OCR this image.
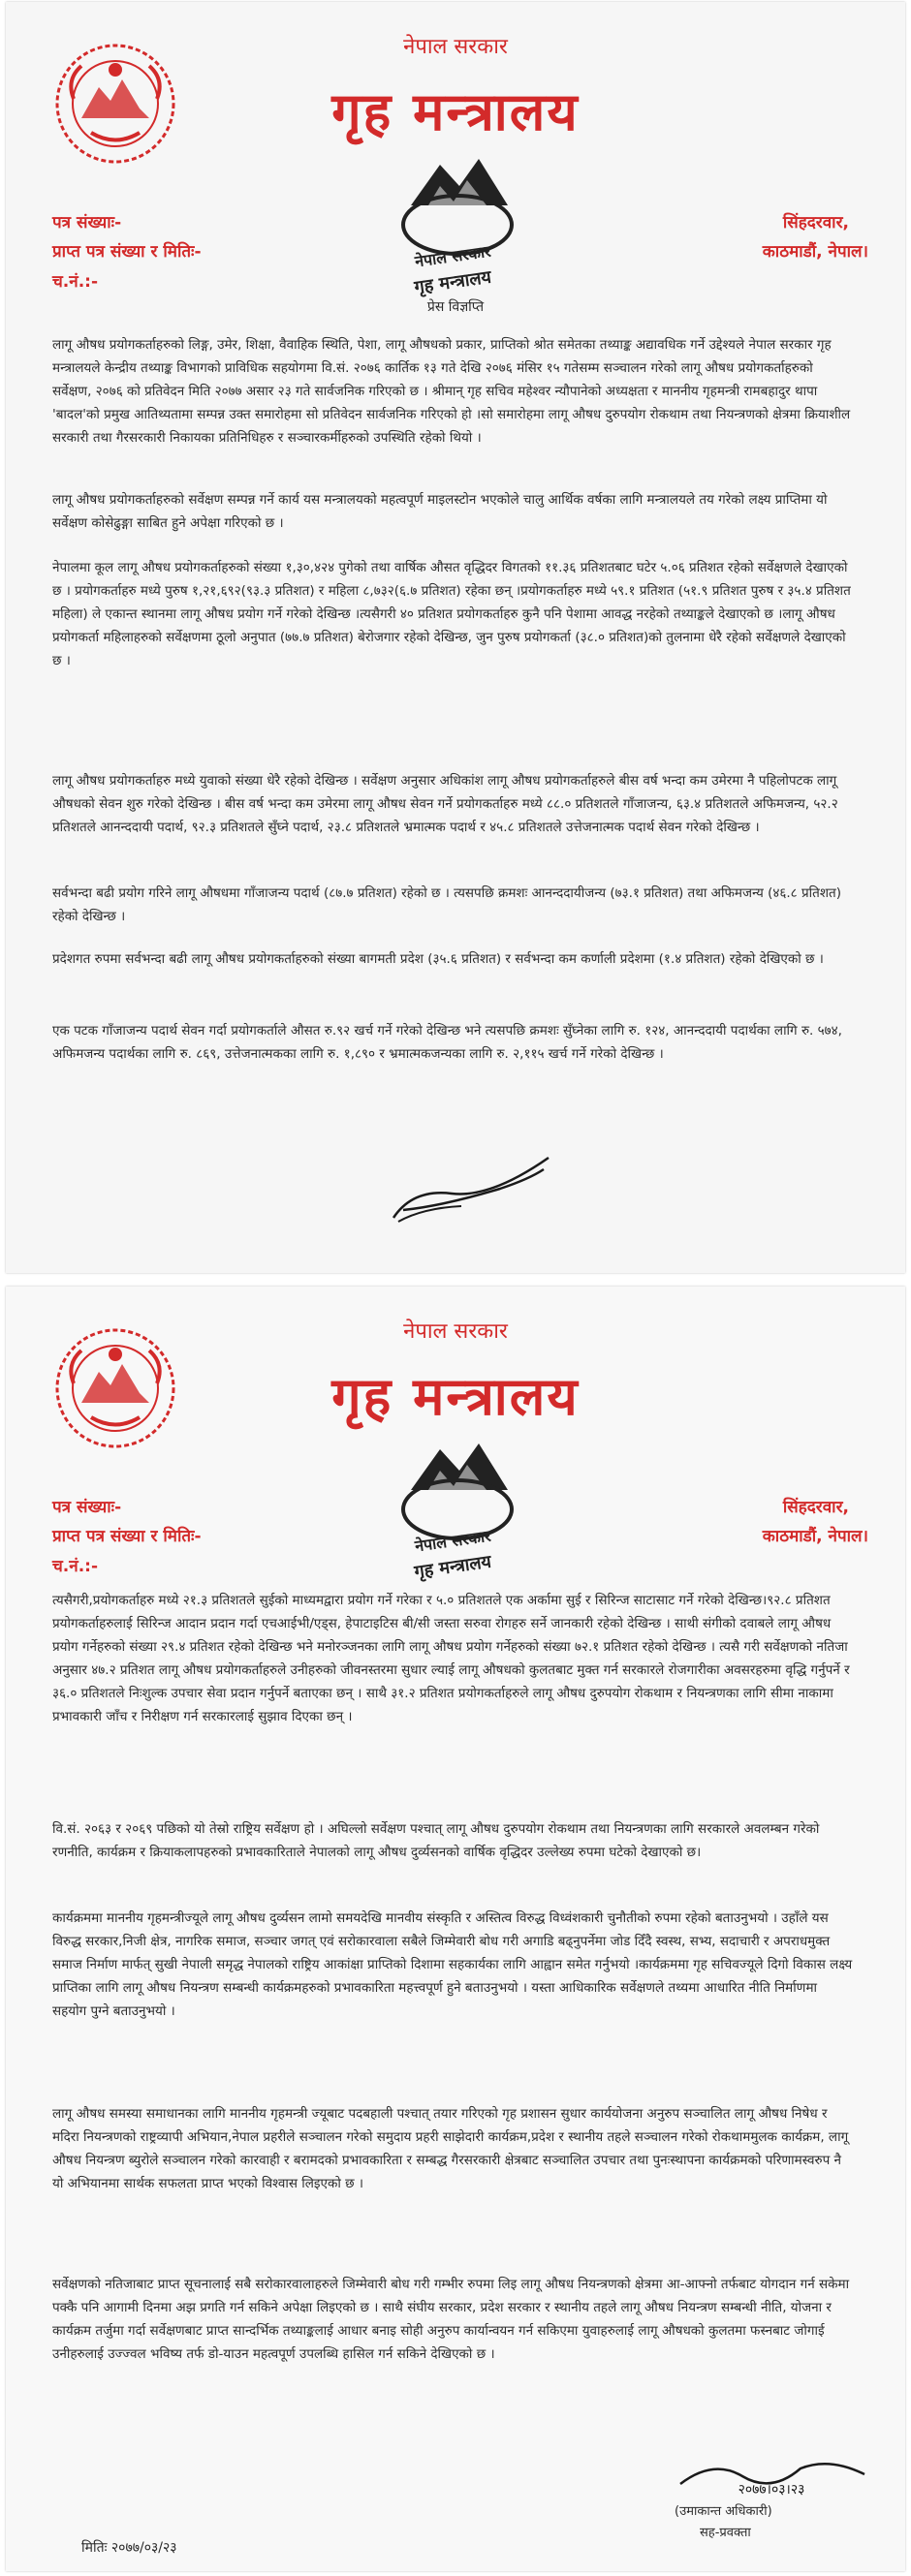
नेपाल सरकार
गृह मन्त्रालय
नेपाल सरकार
गृह मन्त्रालय
पत्र संख्याः-
प्राप्त पत्र संख्या र मितिः-
च.नं.:-
सिंहदरवार,
काठमाडौं, नेपाल।
प्रेस विज्ञप्ति

लागू औषध प्रयोगकर्ताहरुको लिङ्ग, उमेर, शिक्षा, वैवाहिक स्थिति, पेशा, लागू औषधको प्रकार, प्राप्तिको श्रोत समेतका तथ्याङ्क अद्यावधिक गर्ने उद्देश्यले नेपाल सरकार गृह मन्त्रालयले केन्द्रीय तथ्याङ्क विभागको प्राविधिक सहयोगमा वि.सं. २०७६ कार्तिक १३ गते देखि २०७६ मंसिर १५ गतेसम्म सञ्चालन गरेको लागू औषध प्रयोगकर्ताहरुको सर्वेक्षण, २०७६ को प्रतिवेदन मिति २०७७ असार २३ गते सार्वजनिक गरिएको छ । श्रीमान् गृह सचिव महेश्वर न्यौपानेको अध्यक्षता र माननीय गृहमन्त्री रामबहादुर थापा 'बादल'को प्रमुख आतिथ्यतामा सम्पन्न उक्त समारोहमा सो प्रतिवेदन सार्वजनिक गरिएको हो ।सो समारोहमा लागू औषध दुरुपयोग रोकथाम तथा नियन्त्रणको क्षेत्रमा क्रियाशील सरकारी तथा गैरसरकारी निकायका प्रतिनिधिहरु र सञ्चारकर्मीहरुको उपस्थिति रहेको थियो ।

लागू औषध प्रयोगकर्ताहरुको सर्वेक्षण सम्पन्न गर्ने कार्य यस मन्त्रालयको महत्वपूर्ण माइलस्टोन भएकोले चालु आर्थिक वर्षका लागि मन्त्रालयले तय गरेको लक्ष्य प्राप्तिमा यो सर्वेक्षण कोसेढुङ्गा साबित हुने अपेक्षा गरिएको छ ।

नेपालमा कूल लागू औषध प्रयोगकर्ताहरुको संख्या १,३०,४२४ पुगेको तथा वार्षिक औसत वृद्धिदर विगतको ११.३६ प्रतिशतबाट घटेर ५.०६ प्रतिशत रहेको सर्वेक्षणले देखाएको छ । प्रयोगकर्ताहरु मध्ये पुरुष १,२१,६९२(९३.३ प्रतिशत) र महिला ८,७३२(६.७ प्रतिशत) रहेका छन् ।प्रयोगकर्ताहरु मध्ये ५९.१ प्रतिशत (५१.९ प्रतिशत पुरुष र ३५.४ प्रतिशत महिला) ले एकान्त स्थानमा लागू औषध प्रयोग गर्ने गरेको देखिन्छ ।त्यसैगरी ४० प्रतिशत प्रयोगकर्ताहरु कुनै पनि पेशामा आवद्ध नरहेको तथ्याङ्कले देखाएको छ ।लागू औषध प्रयोगकर्ता महिलाहरुको सर्वेक्षणमा ठूलो अनुपात (७७.७ प्रतिशत) बेरोजगार रहेको देखिन्छ, जुन पुरुष प्रयोगकर्ता (३८.० प्रतिशत)को तुलनामा धेरै रहेको सर्वेक्षणले देखाएको छ ।

लागू औषध प्रयोगकर्ताहरु मध्ये युवाको संख्या धेरै रहेको देखिन्छ । सर्वेक्षण अनुसार अधिकांश लागू औषध प्रयोगकर्ताहरुले बीस वर्ष भन्दा कम उमेरमा नै पहिलोपटक लागू औषधको सेवन शुरु गरेको देखिन्छ । बीस वर्ष भन्दा कम उमेरमा लागू औषध सेवन गर्ने प्रयोगकर्ताहरु मध्ये ८८.० प्रतिशतले गाँजाजन्य, ६३.४ प्रतिशतले अफिमजन्य, ५२.२ प्रतिशतले आनन्ददायी पदार्थ, ९२.३ प्रतिशतले सुँघ्ने पदार्थ, २३.८ प्रतिशतले भ्रमात्मक पदार्थ र ४५.८ प्रतिशतले उत्तेजनात्मक पदार्थ सेवन गरेको देखिन्छ ।

सर्वभन्दा बढी प्रयोग गरिने लागू औषधमा गाँजाजन्य पदार्थ (८७.७ प्रतिशत) रहेको छ । त्यसपछि क्रमशः आनन्ददायीजन्य (७३.१ प्रतिशत) तथा अफिमजन्य (४६.८ प्रतिशत) रहेको देखिन्छ ।

प्रदेशगत रुपमा सर्वभन्दा बढी लागू औषध प्रयोगकर्ताहरुको संख्या बागमती प्रदेश (३५.६ प्रतिशत) र सर्वभन्दा कम कर्णाली प्रदेशमा (१.४ प्रतिशत) रहेको देखिएको छ ।

एक पटक गाँजाजन्य पदार्थ सेवन गर्दा प्रयोगकर्ताले औसत रु.९२ खर्च गर्ने गरेको देखिन्छ भने त्यसपछि क्रमशः सुँघ्नेका लागि रु. १२४, आनन्ददायी पदार्थका लागि रु. ५७४, अफिमजन्य पदार्थका लागि रु. ८६९, उत्तेजनात्मकका लागि रु. १,८९० र भ्रमात्मकजन्यका लागि रु. २,११५ खर्च गर्ने गरेको देखिन्छ ।

नेपाल सरकार
गृह मन्त्रालय
नेपाल सरकार
गृह मन्त्रालय
पत्र संख्याः-
प्राप्त पत्र संख्या र मितिः-
च.नं.:-
सिंहदरवार,
काठमाडौं, नेपाल।

त्यसैगरी,प्रयोगकर्ताहरु मध्ये २१.३ प्रतिशतले सुईको माध्यमद्वारा प्रयोग गर्ने गरेका र ५.० प्रतिशतले एक अर्कामा सुई र सिरिन्ज साटासाट गर्ने गरेको देखिन्छ।९२.८ प्रतिशत प्रयोगकर्ताहरुलाई सिरिन्ज आदान प्रदान गर्दा एचआईभी/एड्स, हेपाटाइटिस बी/सी जस्ता सरुवा रोगहरु सर्ने जानकारी रहेको देखिन्छ । साथी संगीको दवाबले लागू औषध प्रयोग गर्नेहरुको संख्या २९.४ प्रतिशत रहेको देखिन्छ भने मनोरञ्जनका लागि लागू औषध प्रयोग गर्नेहरुको संख्या ७२.१ प्रतिशत रहेको देखिन्छ । त्यसै गरी सर्वेक्षणको नतिजा अनुसार ४७.२ प्रतिशत लागू औषध प्रयोगकर्ताहरुले उनीहरुको जीवनस्तरमा सुधार ल्याई लागू औषधको कुलतबाट मुक्त गर्न सरकारले रोजगारीका अवसरहरुमा वृद्धि गर्नुपर्ने र ३६.० प्रतिशतले निःशुल्क उपचार सेवा प्रदान गर्नुपर्ने बताएका छन् । साथै ३१.२ प्रतिशत प्रयोगकर्ताहरुले लागू औषध दुरुपयोग रोकथाम र नियन्त्रणका लागि सीमा नाकामा प्रभावकारी जाँच र निरीक्षण गर्न सरकारलाई सुझाव दिएका छन् ।

वि.सं. २०६३ र २०६९ पछिको यो तेस्रो राष्ट्रिय सर्वेक्षण हो । अघिल्लो सर्वेक्षण पश्चात् लागू औषध दुरुपयोग रोकथाम तथा नियन्त्रणका लागि सरकारले अवलम्बन गरेको रणनीति, कार्यक्रम र क्रियाकलापहरुको प्रभावकारिताले नेपालको लागू औषध दुर्व्यसनको वार्षिक वृद्धिदर उल्लेख्य रुपमा घटेको देखाएको छ।

कार्यक्रममा माननीय गृहमन्त्रीज्यूले लागू औषध दुर्व्यसन लामो समयदेखि मानवीय संस्कृति र अस्तित्व विरुद्ध विध्वंशकारी चुनौतीको रुपमा रहेको बताउनुभयो । उहाँले यस विरुद्ध सरकार,निजी क्षेत्र, नागरिक समाज, सञ्चार जगत् एवं सरोकारवाला सबैले जिम्मेवारी बोध गरी अगाडि बढ्नुपर्नेमा जोड दिँदै स्वस्थ, सभ्य, सदाचारी र अपराधमुक्त समाज निर्माण मार्फत् सुखी नेपाली समृद्ध नेपालको राष्ट्रिय आकांक्षा प्राप्तिको दिशामा सहकार्यका लागि आह्वान समेत गर्नुभयो ।कार्यक्रममा गृह सचिवज्यूले दिगो विकास लक्ष्य प्राप्तिका लागि लागू औषध नियन्त्रण सम्बन्धी कार्यक्रमहरुको प्रभावकारिता महत्त्वपूर्ण हुने बताउनुभयो । यस्ता आधिकारिक सर्वेक्षणले तथ्यमा आधारित नीति निर्माणमा सहयोग पुग्ने बताउनुभयो ।

लागू औषध समस्या समाधानका लागि माननीय गृहमन्त्री ज्यूबाट पदबहाली पश्चात् तयार गरिएको गृह प्रशासन सुधार कार्ययोजना अनुरुप सञ्चालित लागू औषध निषेध र मदिरा नियन्त्रणको राष्ट्रव्यापी अभियान,नेपाल प्रहरीले सञ्चालन गरेको समुदाय प्रहरी साझेदारी कार्यक्रम,प्रदेश र स्थानीय तहले सञ्चालन गरेको रोकथाममुलक कार्यक्रम, लागू औषध नियन्त्रण ब्युरोले सञ्चालन गरेको कारवाही र बरामदको प्रभावकारिता र सम्बद्ध गैरसरकारी क्षेत्रबाट सञ्चालित उपचार तथा पुनःस्थापना कार्यक्रमको परिणामस्वरुप नै यो अभियानमा सार्थक सफलता प्राप्त भएको विश्वास लिइएको छ ।

सर्वेक्षणको नतिजाबाट प्राप्त सूचनालाई सबै सरोकारवालाहरुले जिम्मेवारी बोध गरी गम्भीर रुपमा लिइ लागू औषध नियन्त्रणको क्षेत्रमा आ-आफ्नो तर्फबाट योगदान गर्न सकेमा पक्कै पनि आगामी दिनमा अझ प्रगति गर्न सकिने अपेक्षा लिइएको छ । साथै संघीय सरकार, प्रदेश सरकार र स्थानीय तहले लागू औषध नियन्त्रण सम्बन्धी नीति, योजना र कार्यक्रम तर्जुमा गर्दा सर्वेक्षणबाट प्राप्त सान्दर्भिक तथ्याङ्कलाई आधार बनाइ सोही अनुरुप कार्यान्वयन गर्न सकिएमा युवाहरुलाई लागू औषधको कुलतमा फस्नबाट जोगाई उनीहरुलाई उज्ज्वल भविष्य तर्फ डो-याउन महत्वपूर्ण उपलब्धि हासिल गर्न सकिने देखिएको छ ।

२०७७।०३।२३
(उमाकान्त अधिकारी)
सह-प्रवक्ता
मितिः २०७७/०३/२३
